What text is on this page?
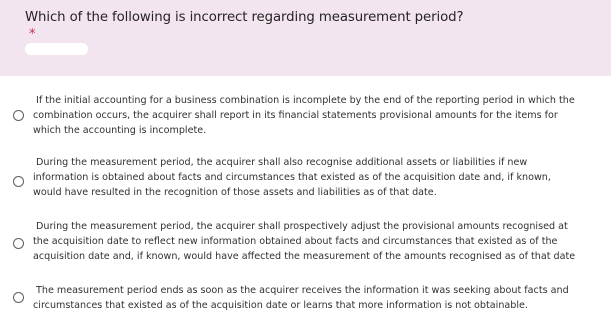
Which of the following is incorrect regarding measurement period?
*
If the initial accounting for a business combination is incomplete by the end of the reporting period in which the
combination occurs, the acquirer shall report in its financial statements provisional amounts for the items for
which the accounting is incomplete.
During the measurement period, the acquirer shall also recognise additional assets or liabilities if new
information is obtained about facts and circumstances that existed as of the acquisition date and, if known,
would have resulted in the recognition of those assets and liabilities as of that date.
During the measurement period, the acquirer shall prospectively adjust the provisional amounts recognised at
the acquisition date to reflect new information obtained about facts and circumstances that existed as of the
acquisition date and, if known, would have affected the measurement of the amounts recognised as of that date
The measurement period ends as soon as the acquirer receives the information it was seeking about facts and
circumstances that existed as of the acquisition date or learns that more information is not obtainable.
